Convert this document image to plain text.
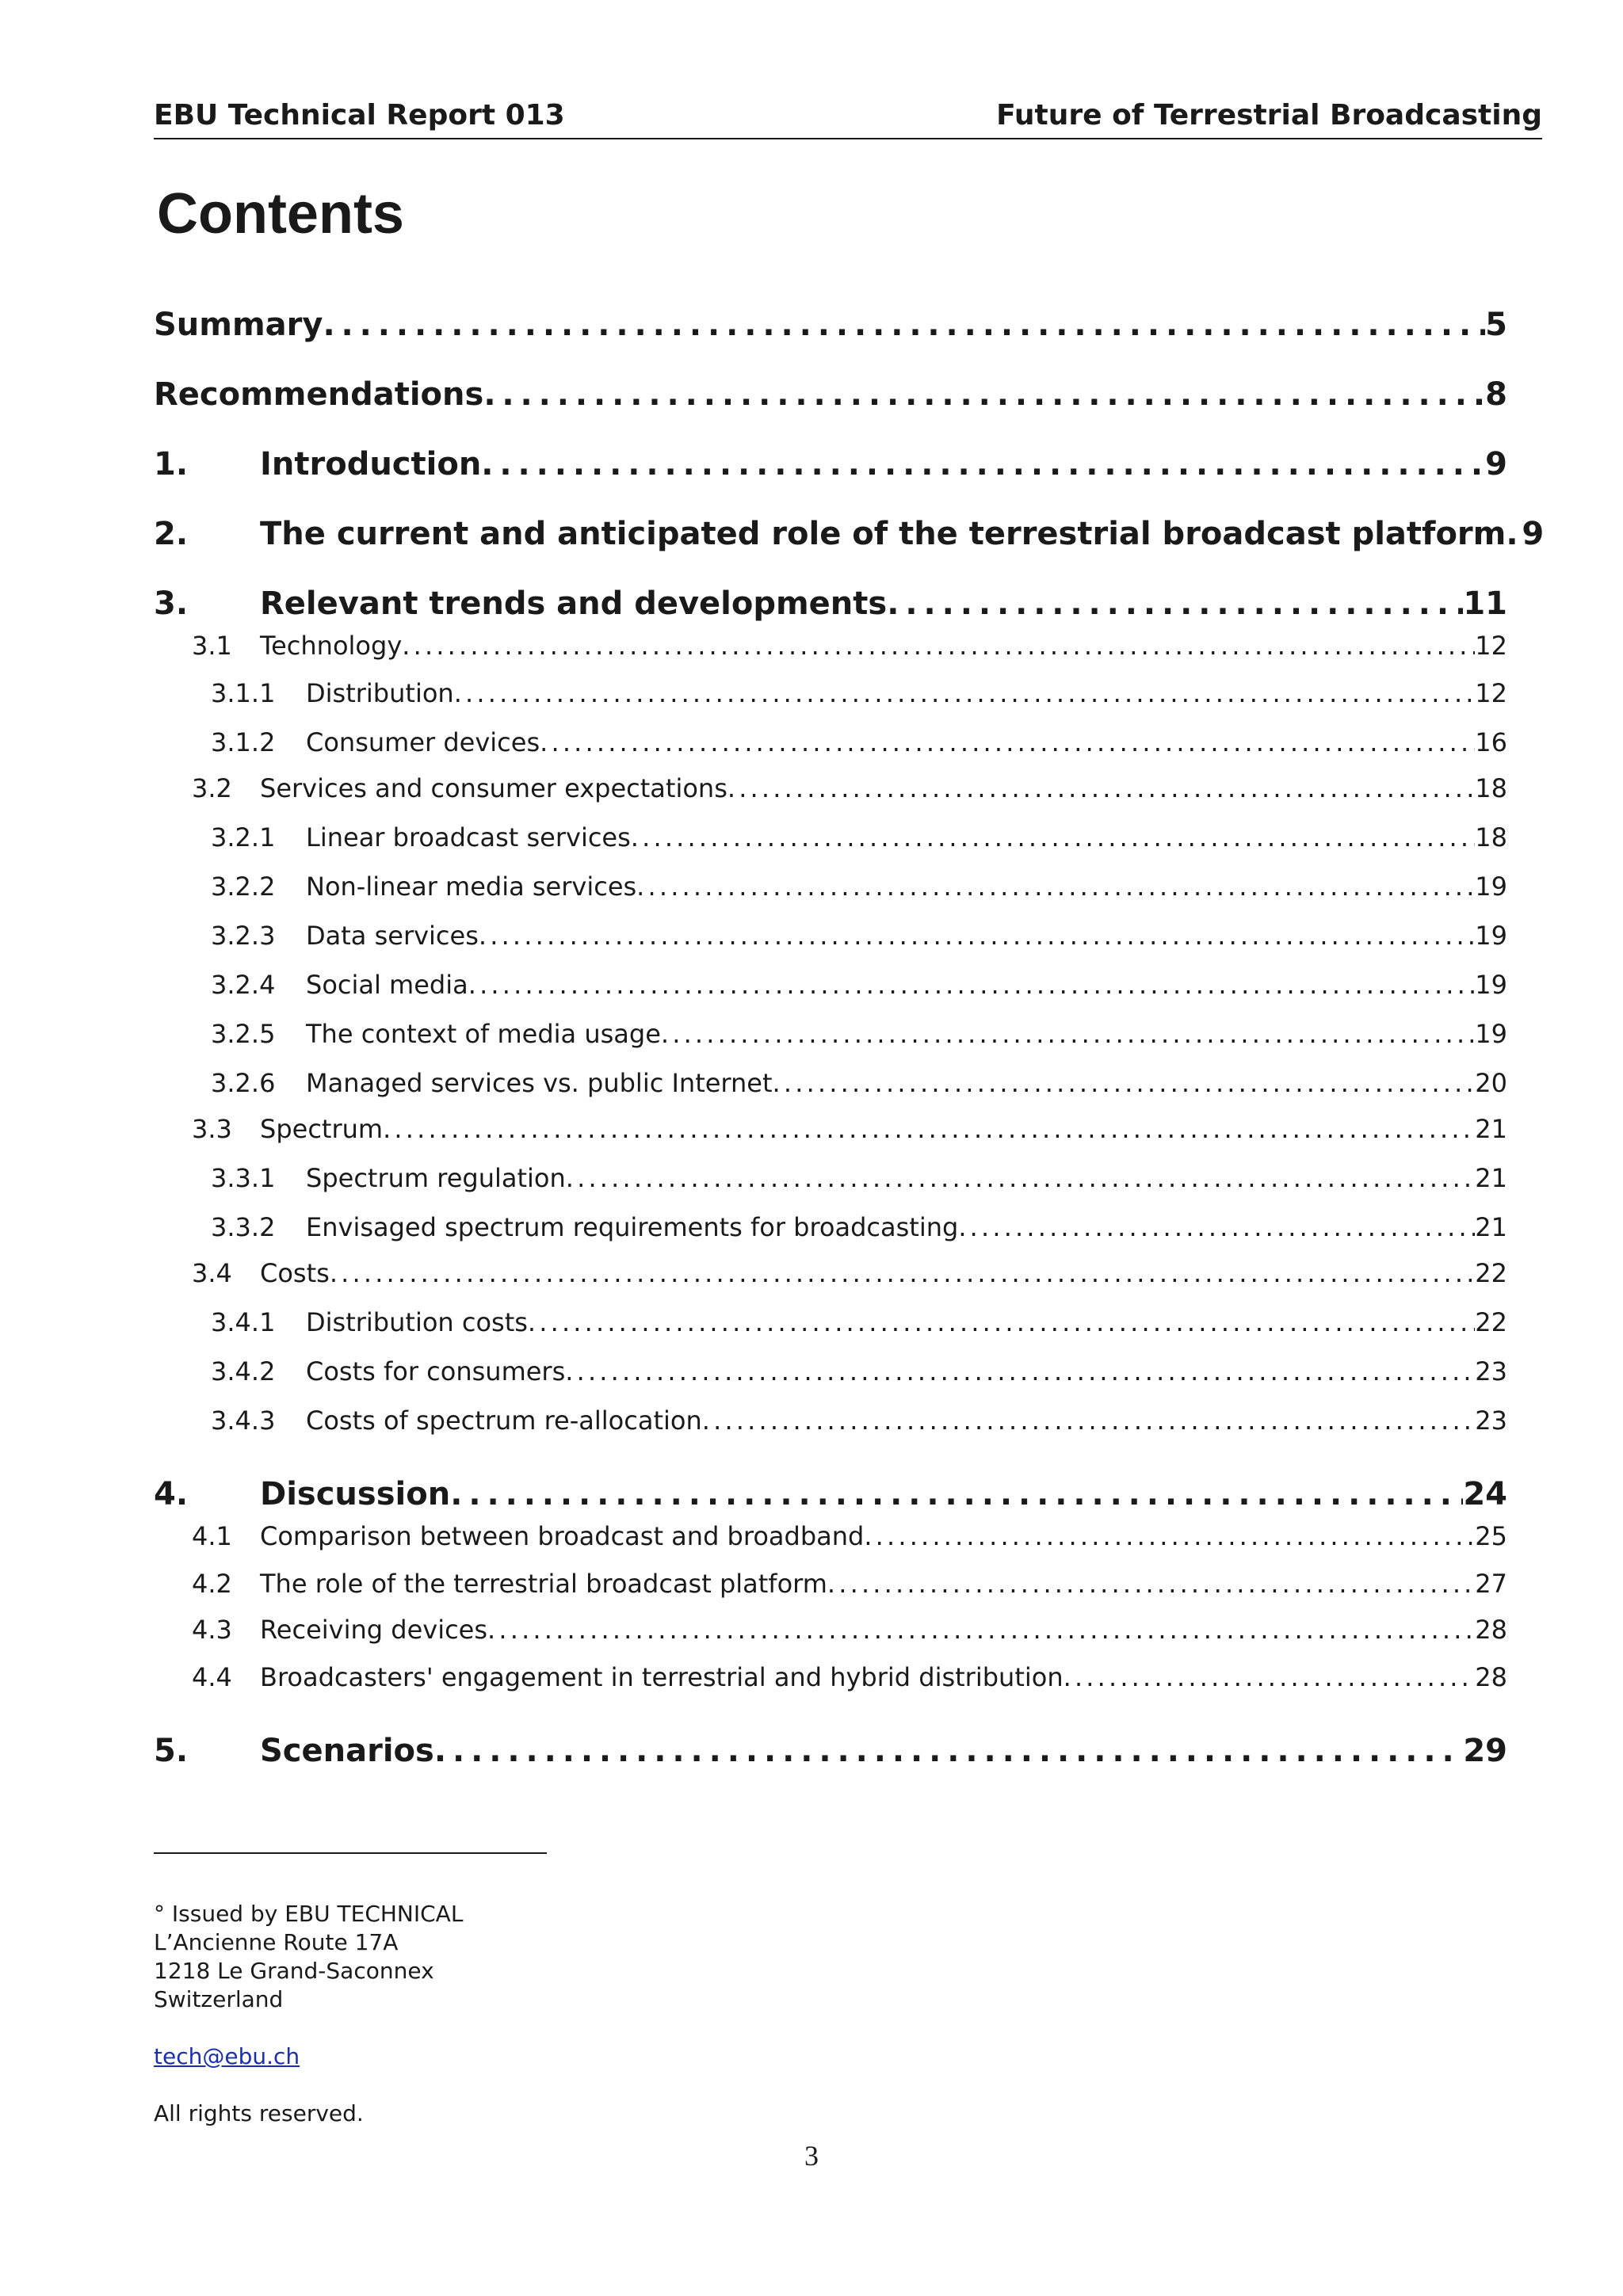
EBU Technical Report 013	Future of Terrestrial Broadcasting
Contents
Summary . . .	5
Recommendations . . .	8
1.	Introduction . . .	9
2.	The current and anticipated role of the terrestrial broadcast platform . . . 9
3.	Relevant trends and developments . . .	11
3.1	Technology . . .	12
3.1.1	Distribution . . .	12
3.1.2	Consumer devices . . .	16
3.2	Services and consumer expectations . . .	18
3.2.1	Linear broadcast services . . .	18
3.2.2	Non-linear media services . . .	19
3.2.3	Data services . . .	19
3.2.4	Social media . . .	19
3.2.5	The context of media usage . . .	19
3.2.6	Managed services vs. public Internet . . .	20
3.3	Spectrum . . .	21
3.3.1	Spectrum regulation . . .	21
3.3.2	Envisaged spectrum requirements for broadcasting . . .	21
3.4	Costs . . .	22
3.4.1	Distribution costs . . .	22
3.4.2	Costs for consumers . . .	23
3.4.3	Costs of spectrum re-allocation . . .	23
4.	Discussion . . .	24
4.1	Comparison between broadcast and broadband . . .	25
4.2	The role of the terrestrial broadcast platform . . .	27
4.3	Receiving devices . . .	28
4.4	Broadcasters' engagement in terrestrial and hybrid distribution . . .	28
5.	Scenarios . . .	29
° Issued by EBU TECHNICAL
L’Ancienne Route 17A
1218 Le Grand-Saconnex
Switzerland
tech@ebu.ch
All rights reserved.
3
